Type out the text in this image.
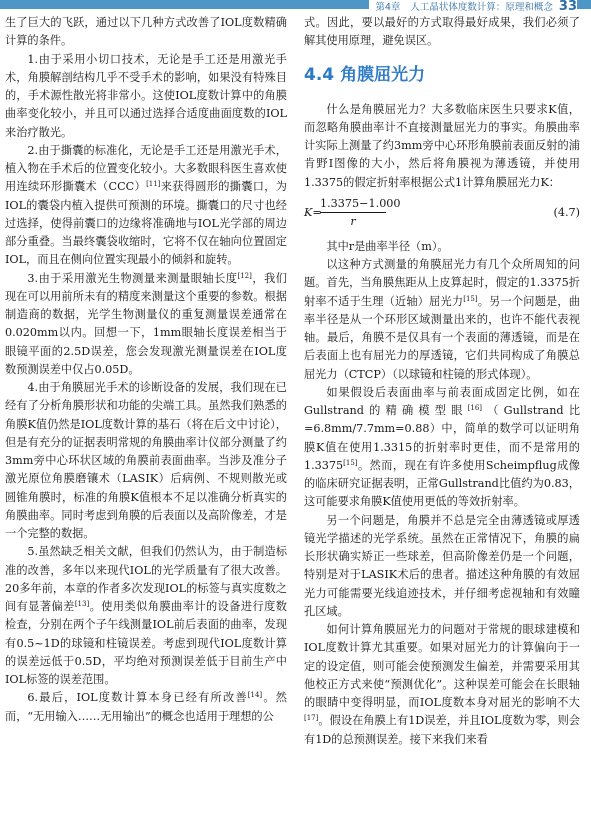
第4章 人工晶状体度数计算：原理和概念 33

生了巨大的飞跃，通过以下几种方式改善了IOL度数精确计算的条件。

1.由于采用小切口技术，无论是手工还是用激光手术，角膜解剖结构几乎不受手术的影响，如果没有特殊目的，手术源性散光将非常小。这使IOL度数计算中的角膜曲率变化较小，并且可以通过选择合适度曲面度数的IOL来治疗散光。

2.由于撕囊的标准化，无论是手工还是用激光手术，植入物在手术后的位置变化较小。大多数眼科医生喜欢使用连续环形撕囊术（CCC）[11]来获得圆形的撕囊口，为IOL的囊袋内植入提供可预测的环境。撕囊口的尺寸也经过选择，使得前囊口的边缘将准确地与IOL光学部的周边部分重叠。当最终囊袋收缩时，它将不仅在轴向位置固定IOL，而且在侧向位置实现最小的倾斜和旋转。

3.由于采用激光生物测量来测量眼轴长度[12]，我们现在可以用前所未有的精度来测量这个重要的参数。根据制造商的数据，光学生物测量仪的重复测量误差通常在0.020mm以内。回想一下，1mm眼轴长度误差相当于眼镜平面的2.5D误差，您会发现激光测量误差在IOL度数预测误差中仅占0.05D。

4.由于角膜屈光手术的诊断设备的发展，我们现在已经有了分析角膜形状和功能的尖端工具。虽然我们熟悉的角膜K值仍然是IOL度数计算的基石（将在后文中讨论），但是有充分的证据表明常规的角膜曲率计仪部分测量了约3mm旁中心环状区域的角膜前表面曲率。当涉及准分子激光原位角膜磨镶术（LASIK）后病例、不规则散光或圆锥角膜时，标准的角膜K值根本不足以准确分析真实的角膜曲率。同时考虑到角膜的后表面以及高阶像差，才是一个完整的数据。

5.虽然缺乏相关文献，但我们仍然认为，由于制造标准的改善，多年以来现代IOL的光学质量有了很大改善。20多年前，本章的作者多次发现IOL的标签与真实度数之间有显著偏差[13]。使用类似角膜曲率计的设备进行度数检查，分别在两个子午线测量IOL前后表面的曲率，发现有0.5~1D的球镜和柱镜误差。考虑到现代IOL度数计算的误差远低于0.5D，平均绝对预测误差低于目前生产中IOL标签的误差范围。

6.最后，IOL度数计算本身已经有所改善[14]。然而，“无用输入……无用输出”的概念也适用于理想的公

式。因此，要以最好的方式取得最好成果，我们必须了解其使用原理，避免误区。

4.4 角膜屈光力

什么是角膜屈光力？大多数临床医生只要求K值，而忽略角膜曲率计不直接测量屈光力的事实。角膜曲率计实际上测量了约3mm旁中心环形角膜前表面反射的浦肯野Ⅰ图像的大小，然后将角膜视为薄透镜，并使用1.3375的假定折射率根据公式1计算角膜屈光力K：

K=
$\frac{1.3375-1.000}{r}$	(4.7)

其中r是曲率半径（m）。

以这种方式测量的角膜屈光力有几个众所周知的问题。首先，当角膜焦距从上皮算起时，假定的1.3375折射率不适于生理（近轴）屈光力[15]。另一个问题是，曲率半径是从一个环形区域测量出来的，也许不能代表视轴。最后，角膜不是仅具有一个表面的薄透镜，而是在后表面上也有屈光力的厚透镜，它们共同构成了角膜总屈光力（CTCP）（以球镜和柱镜的形式体现）。

如果假设后表面曲率与前表面成固定比例，如在Gullstrand的精确模型眼[16]（Gullstrand比=6.8mm/7.7mm=0.88）中，简单的数学可以证明角膜K值在使用1.3315的折射率时更佳，而不是常用的1.3375[15]。然而，现在有许多使用Scheimpflug成像的临床研究证据表明，正常Gullstrand比值约为0.83，这可能要求角膜K值使用更低的等效折射率。

另一个问题是，角膜并不总是完全由薄透镜或厚透镜光学描述的光学系统。虽然在正常情况下，角膜的扁长形状确实矫正一些球差，但高阶像差仍是一个问题，特别是对于LASIK术后的患者。描述这种角膜的有效屈光力可能需要光线追迹技术，并仔细考虑视轴和有效瞳孔区域。

如何计算角膜屈光力的问题对于常规的眼球建模和IOL度数计算尤其重要。如果对屈光力的计算偏向于一定的设定值，则可能会使预测发生偏差，并需要采用其他校正方式来使“预测优化”。这种误差可能会在长眼轴的眼睛中变得明显，而IOL度数本身对屈光的影响不大[17]。假设在角膜上有1D误差，并且IOL度数为零，则会有1D的总预测误差。接下来我们来看
